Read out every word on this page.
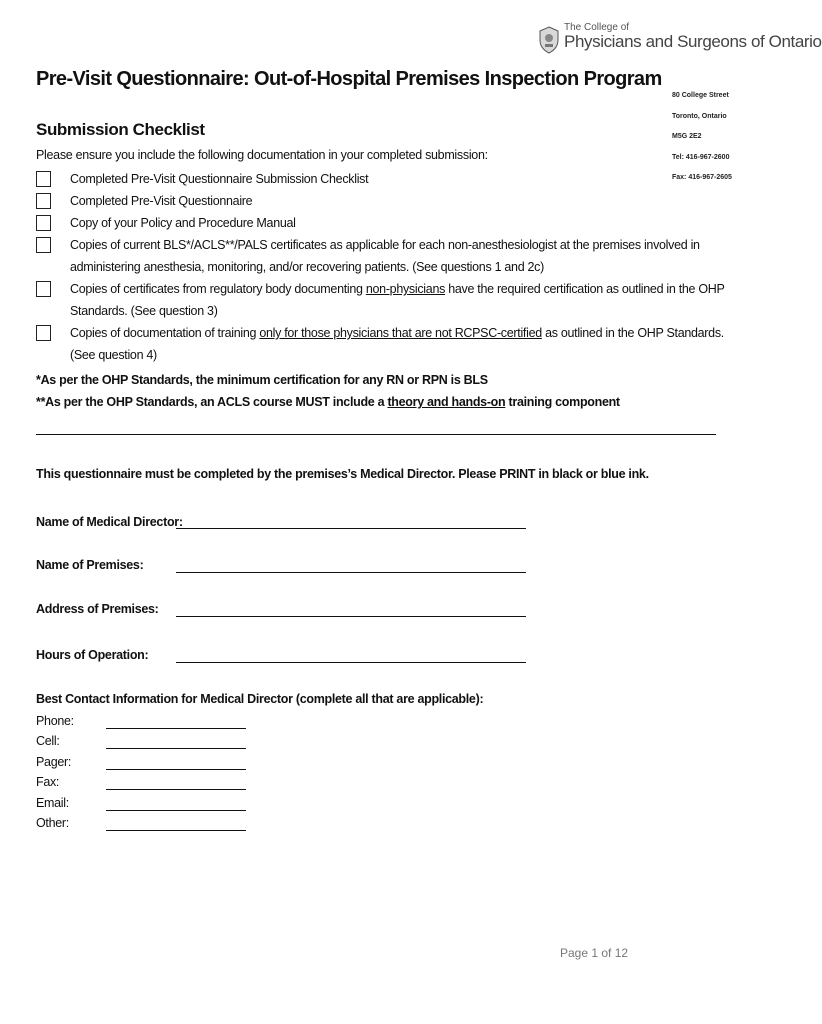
The College of
Physicians and Surgeons of Ontario
Pre-Visit Questionnaire: Out-of-Hospital Premises Inspection Program
80 College Street
Toronto, Ontario
M5G 2E2
Tel: 416-967-2600
Fax: 416-967-2605
Submission Checklist
Please ensure you include the following documentation in your completed submission:
Completed Pre-Visit Questionnaire Submission Checklist
Completed Pre-Visit Questionnaire
Copy of your Policy and Procedure Manual
Copies of current BLS*/ACLS**/PALS certificates as applicable for each non-anesthesiologist at the premises involved in administering anesthesia, monitoring, and/or recovering patients. (See questions 1 and 2c)
Copies of certificates from regulatory body documenting non-physicians have the required certification as outlined in the OHP Standards. (See question 3)
Copies of documentation of training only for those physicians that are not RCPSC-certified as outlined in the OHP Standards. (See question 4)
*As per the OHP Standards, the minimum certification for any RN or RPN is BLS
**As per the OHP Standards, an ACLS course MUST include a theory and hands-on training component
This questionnaire must be completed by the premises’s Medical Director. Please PRINT in black or blue ink.
Name of Medical Director:
Name of Premises:
Address of Premises:
Hours of Operation:
Best Contact Information for Medical Director (complete all that are applicable):
Phone:
Cell:
Pager:
Fax:
Email:
Other:
Page 1 of 12
